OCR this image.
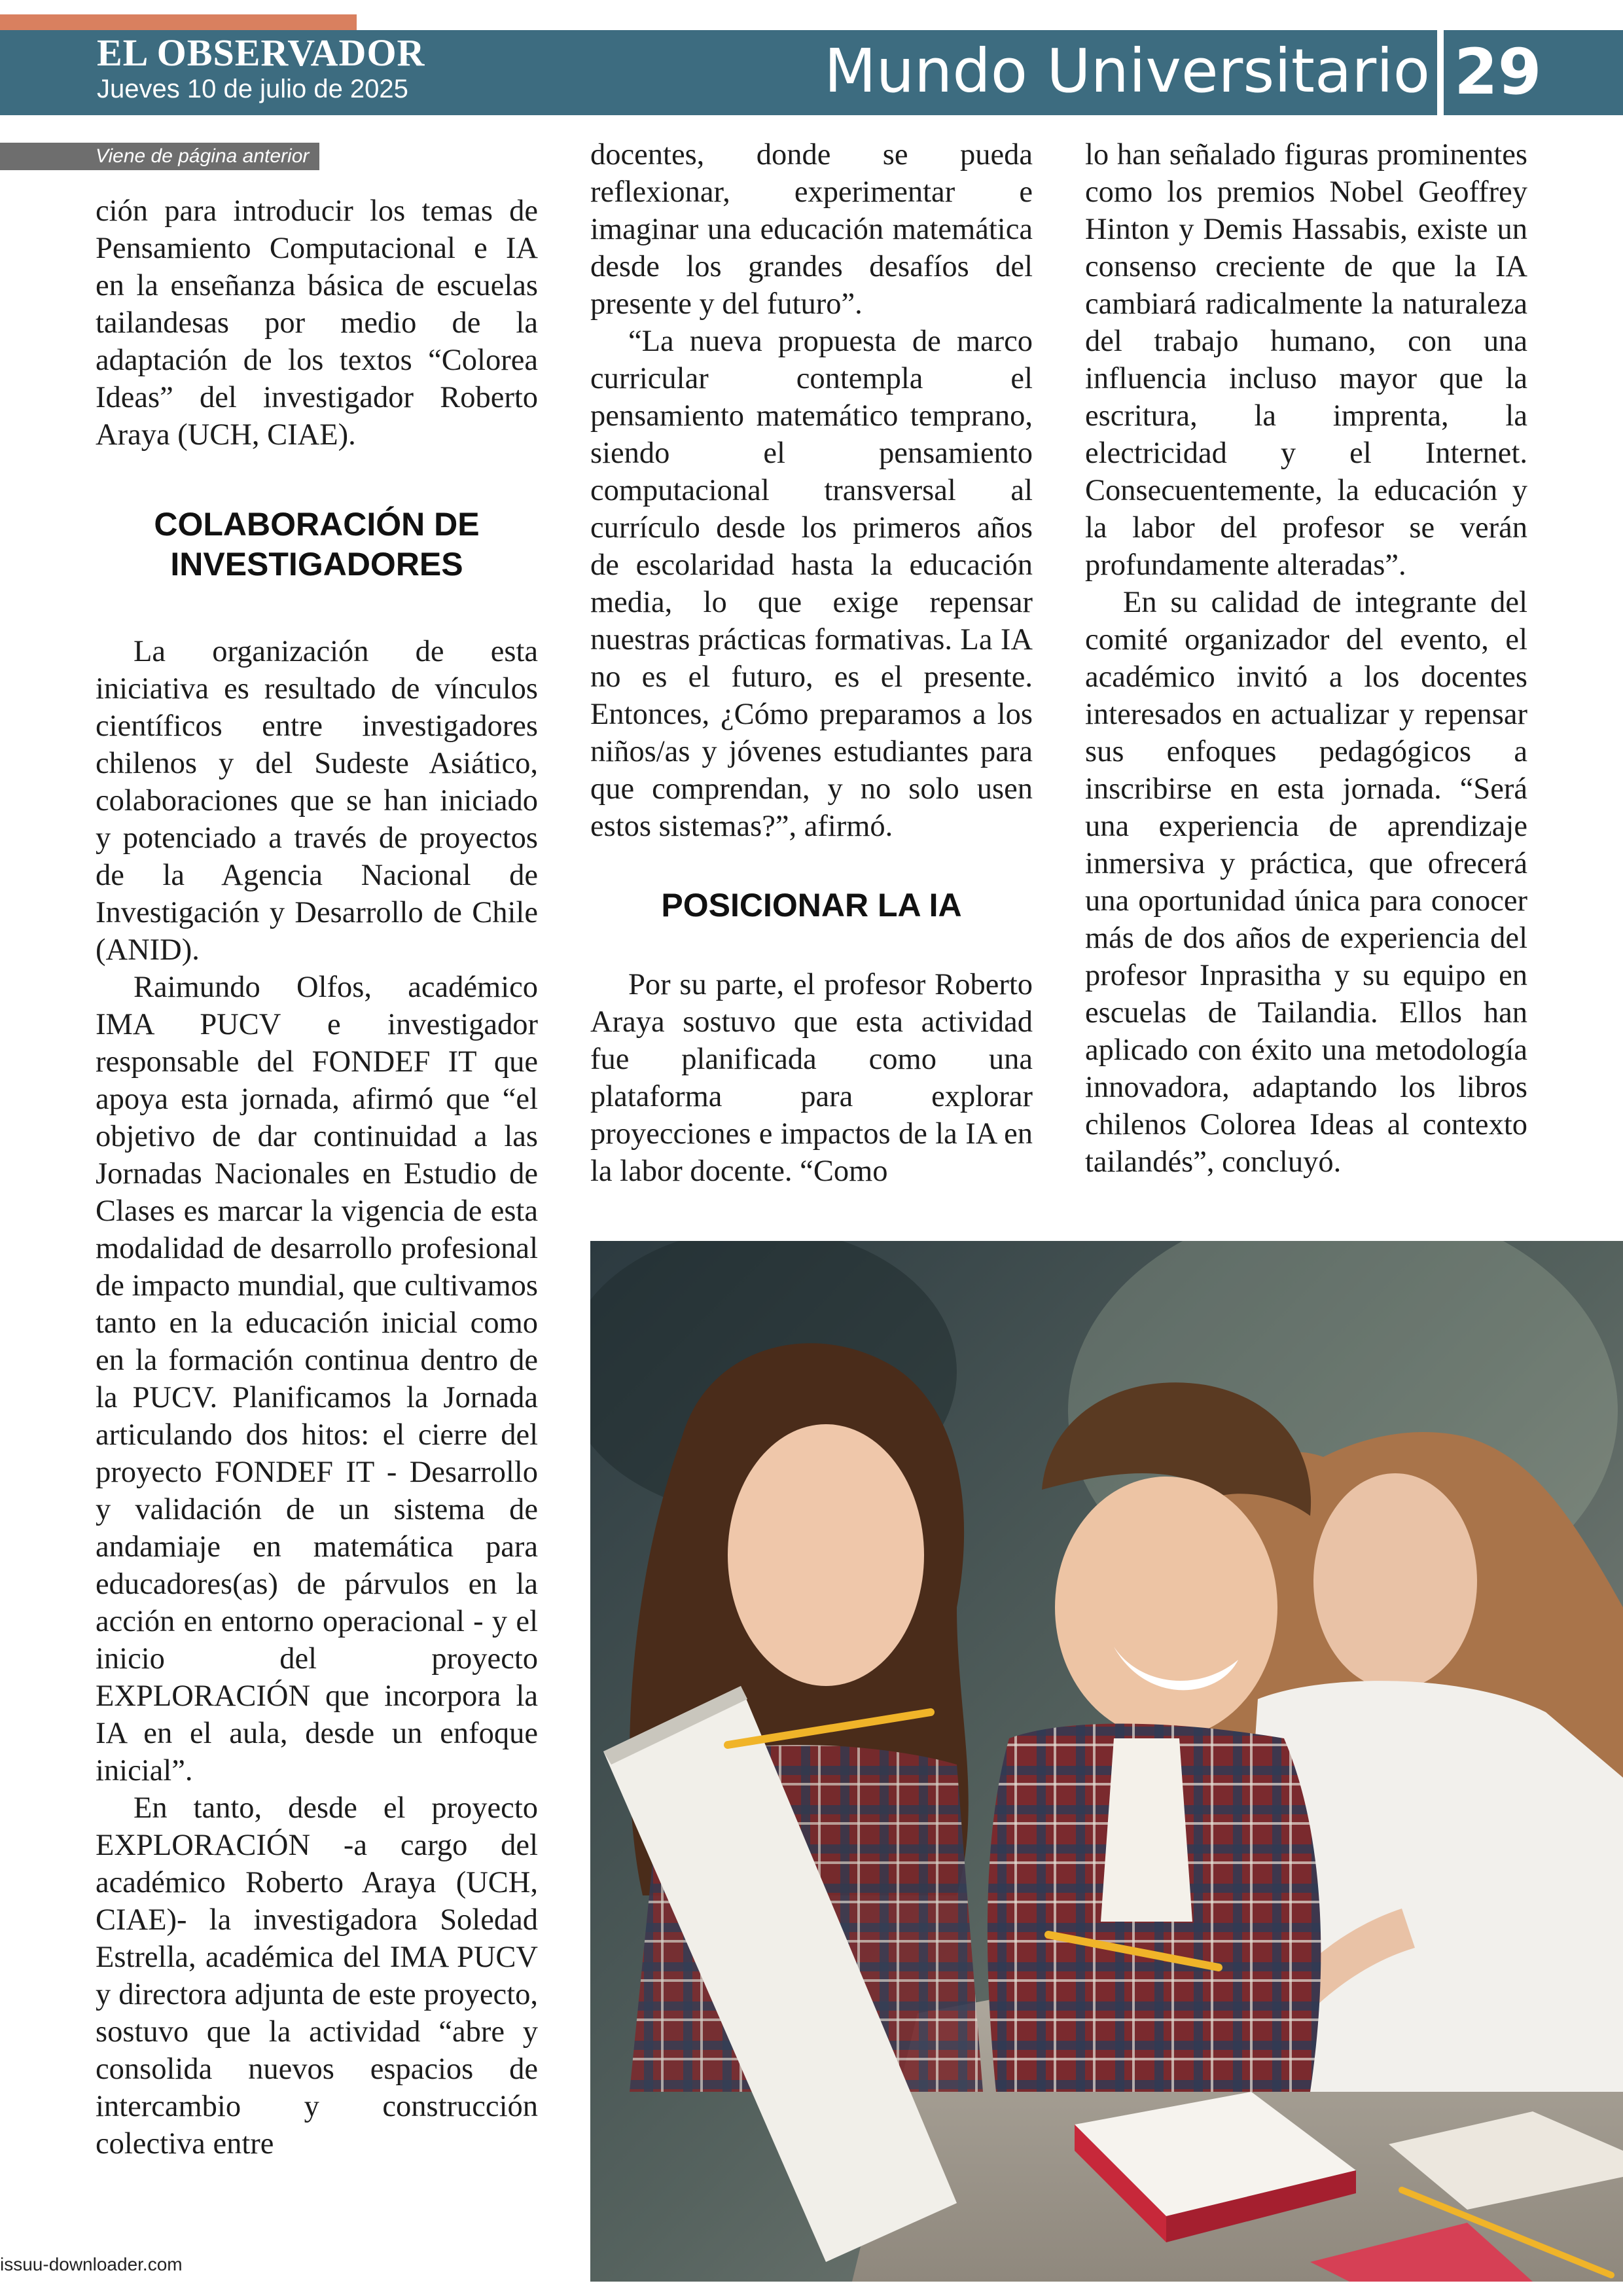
EL OBSERVADOR
Jueves 10 de julio de 2025	Mundo Universitario 29
Viene de página anterior

ción para introducir los temas de Pensamiento Computacional e IA en la enseñanza básica de escuelas tailandesas por medio de la adaptación de los textos “Colorea Ideas” del investigador Roberto Araya (UCH, CIAE).

COLABORACIÓN DE INVESTIGADORES

La organización de esta iniciativa es resultado de vínculos científicos entre investigadores chilenos y del Sudeste Asiático, colaboraciones que se han iniciado y potenciado a través de proyectos de la Agencia Nacional de Investigación y Desarrollo de Chile (ANID).

Raimundo Olfos, académico IMA PUCV e investigador responsable del FONDEF IT que apoya esta jornada, afirmó que “el objetivo de dar continuidad a las Jornadas Nacionales en Estudio de Clases es marcar la vigencia de esta modalidad de desarrollo profesional de impacto mundial, que cultivamos tanto en la educación inicial como en la formación continua dentro de la PUCV. Planificamos la Jornada articulando dos hitos: el cierre del proyecto FONDEF IT - Desarrollo y validación de un sistema de andamiaje en matemática para educadores(as) de párvulos en la acción en entorno operacional - y el inicio del proyecto EXPLORACIÓN que incorpora la IA en el aula, desde un enfoque inicial”.

En tanto, desde el proyecto EXPLORACIÓN -a cargo del académico Roberto Araya (UCH, CIAE)- la investigadora Soledad Estrella, académica del IMA PUCV y directora adjunta de este proyecto, sostuvo que la actividad “abre y consolida nuevos espacios de intercambio y construcción colectiva entre

docentes, donde se pueda reflexionar, experimentar e imaginar una educación matemática desde los grandes desafíos del presente y del futuro”.

“La nueva propuesta de marco curricular contempla el pensamiento matemático temprano, siendo el pensamiento computacional transversal al currículo desde los primeros años de escolaridad hasta la educación media, lo que exige repensar nuestras prácticas formativas. La IA no es el futuro, es el presente. Entonces, ¿Cómo preparamos a los niños/as y jóvenes estudiantes para que comprendan, y no solo usen estos sistemas?”, afirmó.

POSICIONAR LA IA

Por su parte, el profesor Roberto Araya sostuvo que esta actividad fue planificada como una plataforma para explorar proyecciones e impactos de la IA en la labor docente. “Como

lo han señalado figuras prominentes como los premios Nobel Geoffrey Hinton y Demis Hassabis, existe un consenso creciente de que la IA cambiará radicalmente la naturaleza del trabajo humano, con una influencia incluso mayor que la escritura, la imprenta, la electricidad y el Internet. Consecuentemente, la educación y la labor del profesor se verán profundamente alteradas”.

En su calidad de integrante del comité organizador del evento, el académico invitó a los docentes interesados en actualizar y repensar sus enfoques pedagógicos a inscribirse en esta jornada. “Será una experiencia de aprendizaje inmersiva y práctica, que ofrecerá una oportunidad única para conocer más de dos años de experiencia del profesor Inprasitha y su equipo en escuelas de Tailandia. Ellos han aplicado con éxito una metodología innovadora, adaptando los libros chilenos Colorea Ideas al contexto tailandés”, concluyó.

issuu-downloader.com
